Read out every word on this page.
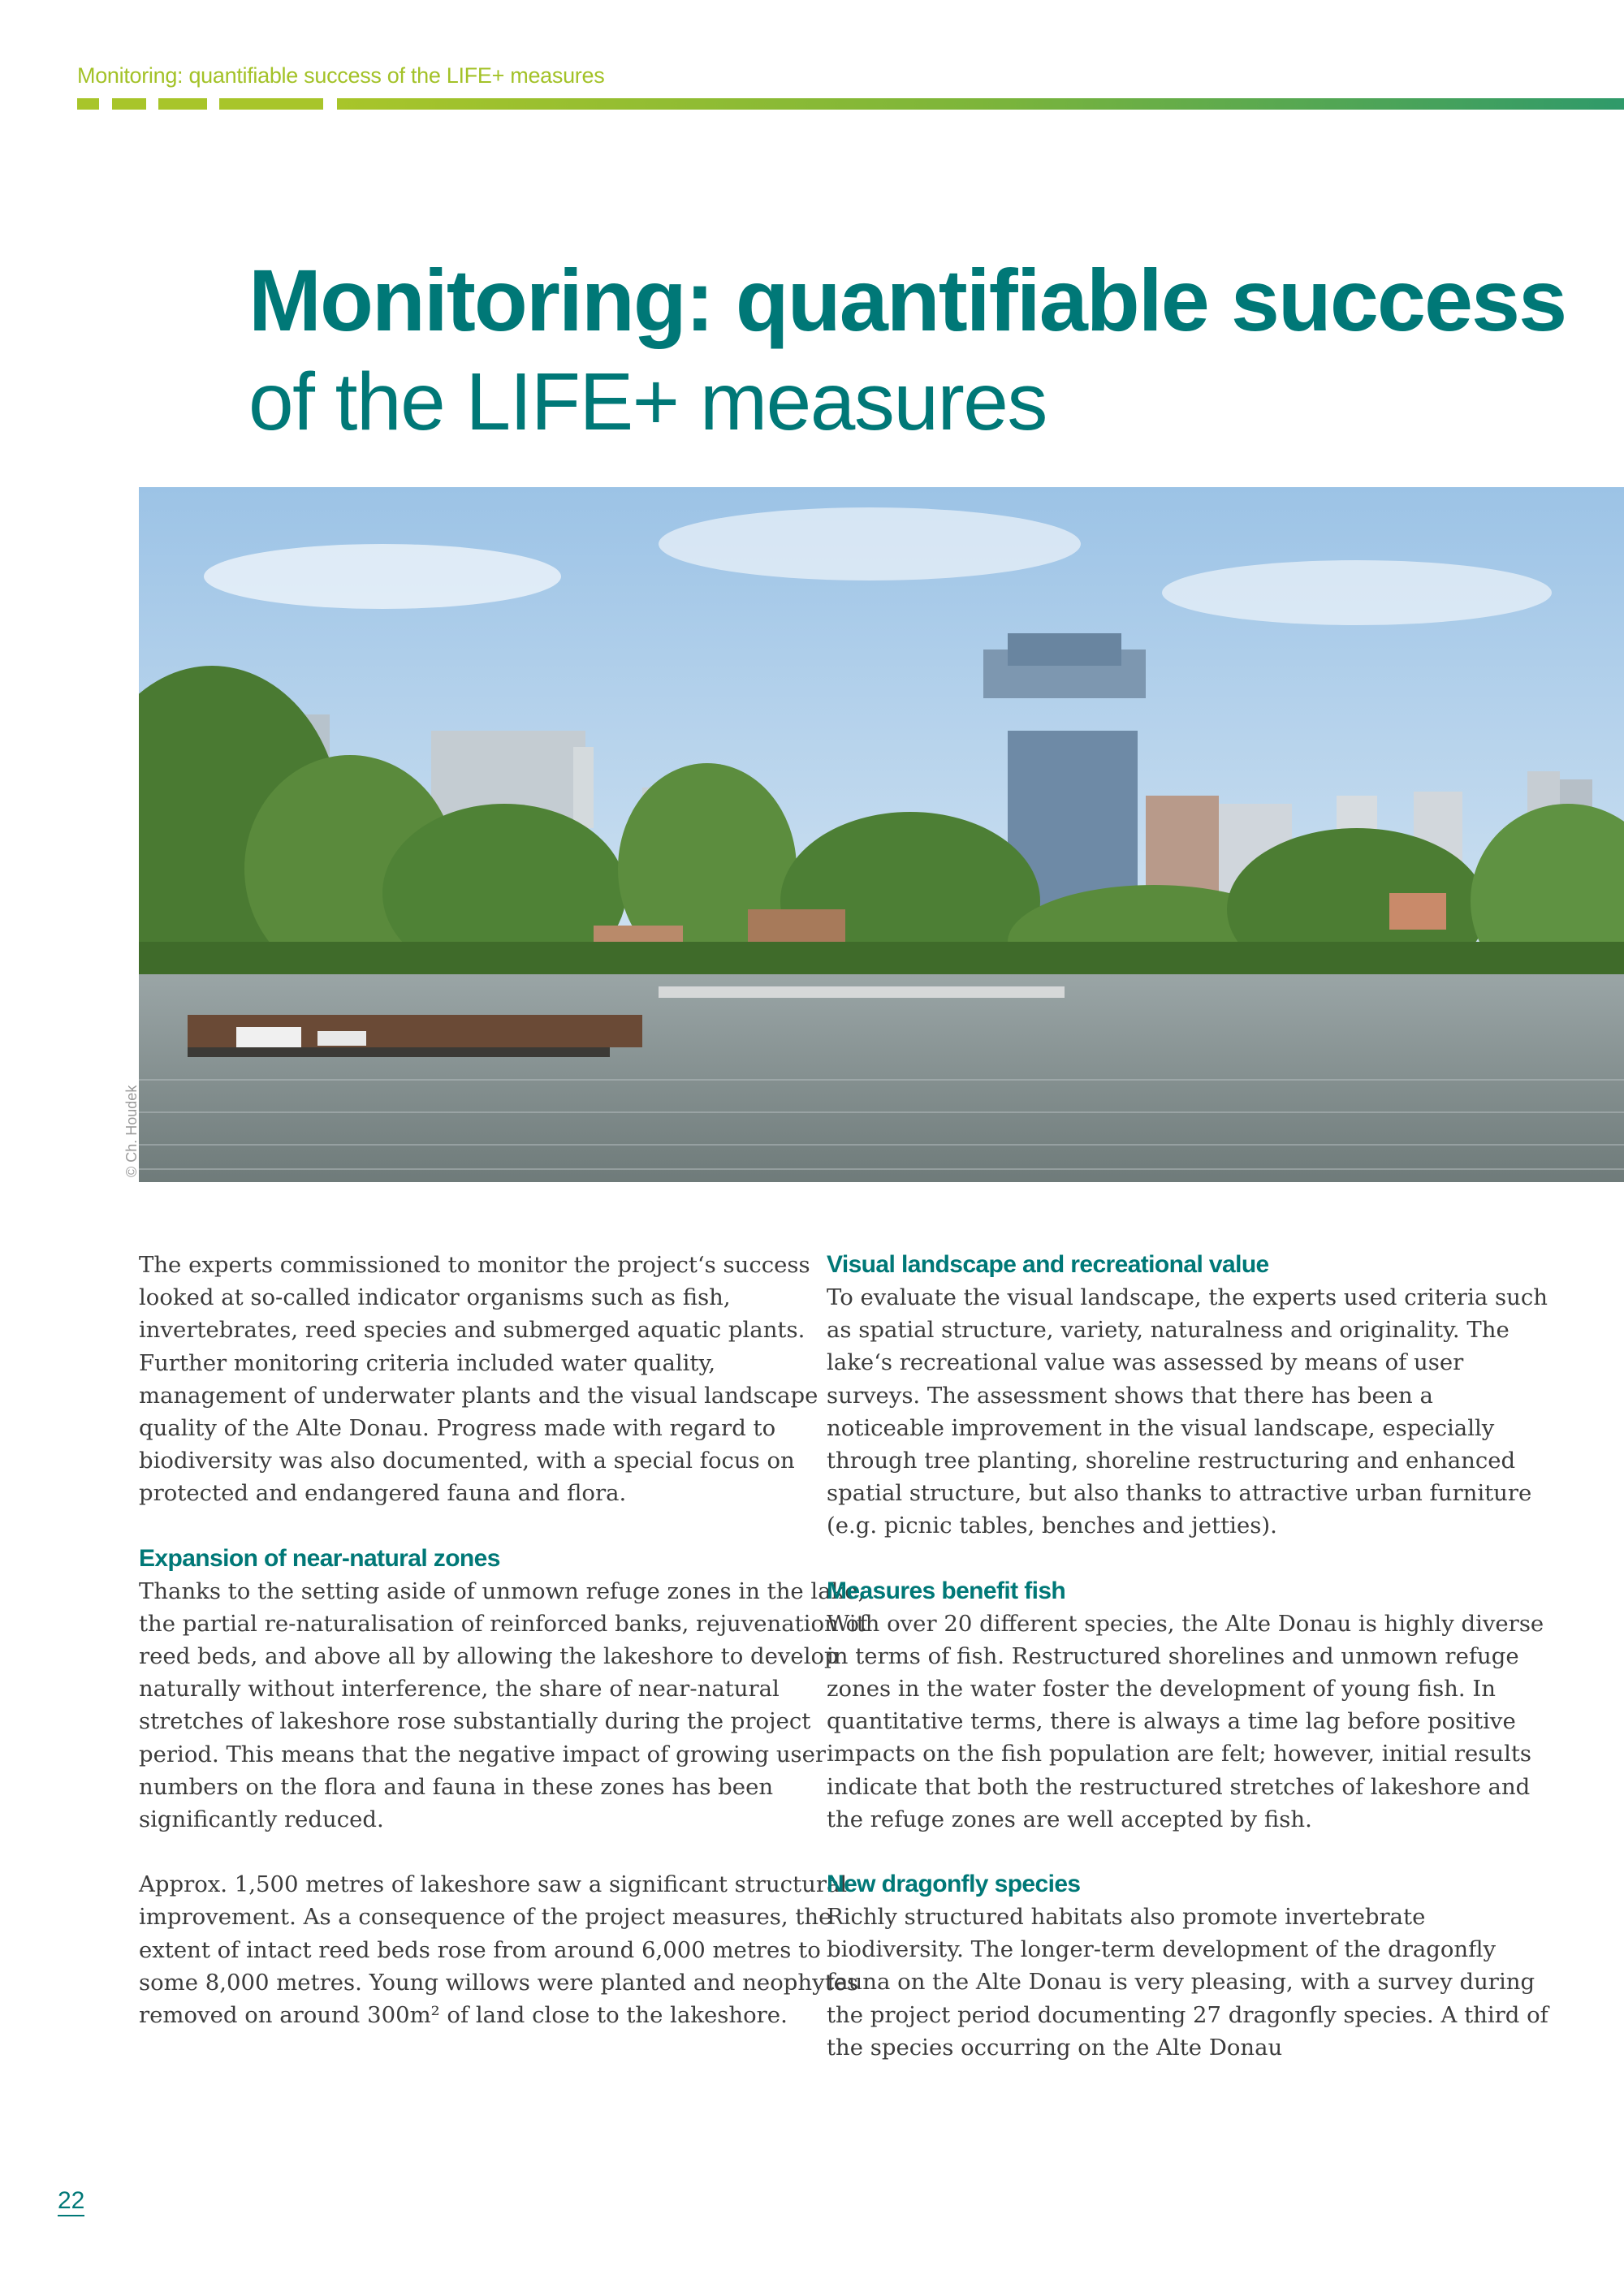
Monitoring: quantifiable success of the LIFE+ measures
Monitoring: quantifiable success
of the LIFE+ measures
© Ch. Houdek

The experts commissioned to monitor the project‘s success looked at so-called indicator organisms such as fish, invertebrates, reed species and submerged aquatic plants. Further monitoring criteria included water quality, management of underwater plants and the visual landscape quality of the Alte Donau. Progress made with regard to biodiversity was also documented, with a special focus on protected and endangered fauna and flora.

Expansion of near-natural zones

Thanks to the setting aside of unmown refuge zones in the lake, the partial re-naturalisation of reinforced banks, rejuvenation of reed beds, and above all by allowing the lakeshore to develop naturally without interference, the share of near-natural stretches of lakeshore rose substantially during the project period. This means that the negative impact of growing user numbers on the flora and fauna in these zones has been significantly reduced.

Approx. 1,500 metres of lakeshore saw a significant structural improvement. As a consequence of the project measures, the extent of intact reed beds rose from around 6,000 metres to some 8,000 metres. Young willows were planted and neophytes removed on around 300m² of land close to the lakeshore.

Visual landscape and recreational value

To evaluate the visual landscape, the experts used criteria such as spatial structure, variety, naturalness and originality. The lake‘s recreational value was assessed by means of user surveys. The assessment shows that there has been a noticeable improvement in the visual landscape, especially through tree planting, shoreline restructuring and enhanced spatial structure, but also thanks to attractive urban furniture (e.g. picnic tables, benches and jetties).

Measures benefit fish

With over 20 different species, the Alte Donau is highly diverse in terms of fish. Restructured shorelines and unmown refuge zones in the water foster the development of young fish. In quantitative terms, there is always a time lag before positive impacts on the fish population are felt; however, initial results indicate that both the restructured stretches of lakeshore and the refuge zones are well accepted by fish.

New dragonfly species

Richly structured habitats also promote invertebrate biodiversity. The longer-term development of the dragonfly fauna on the Alte Donau is very pleasing, with a survey during the project period documenting 27 dragonfly species. A third of the species occurring on the Alte Donau

22
